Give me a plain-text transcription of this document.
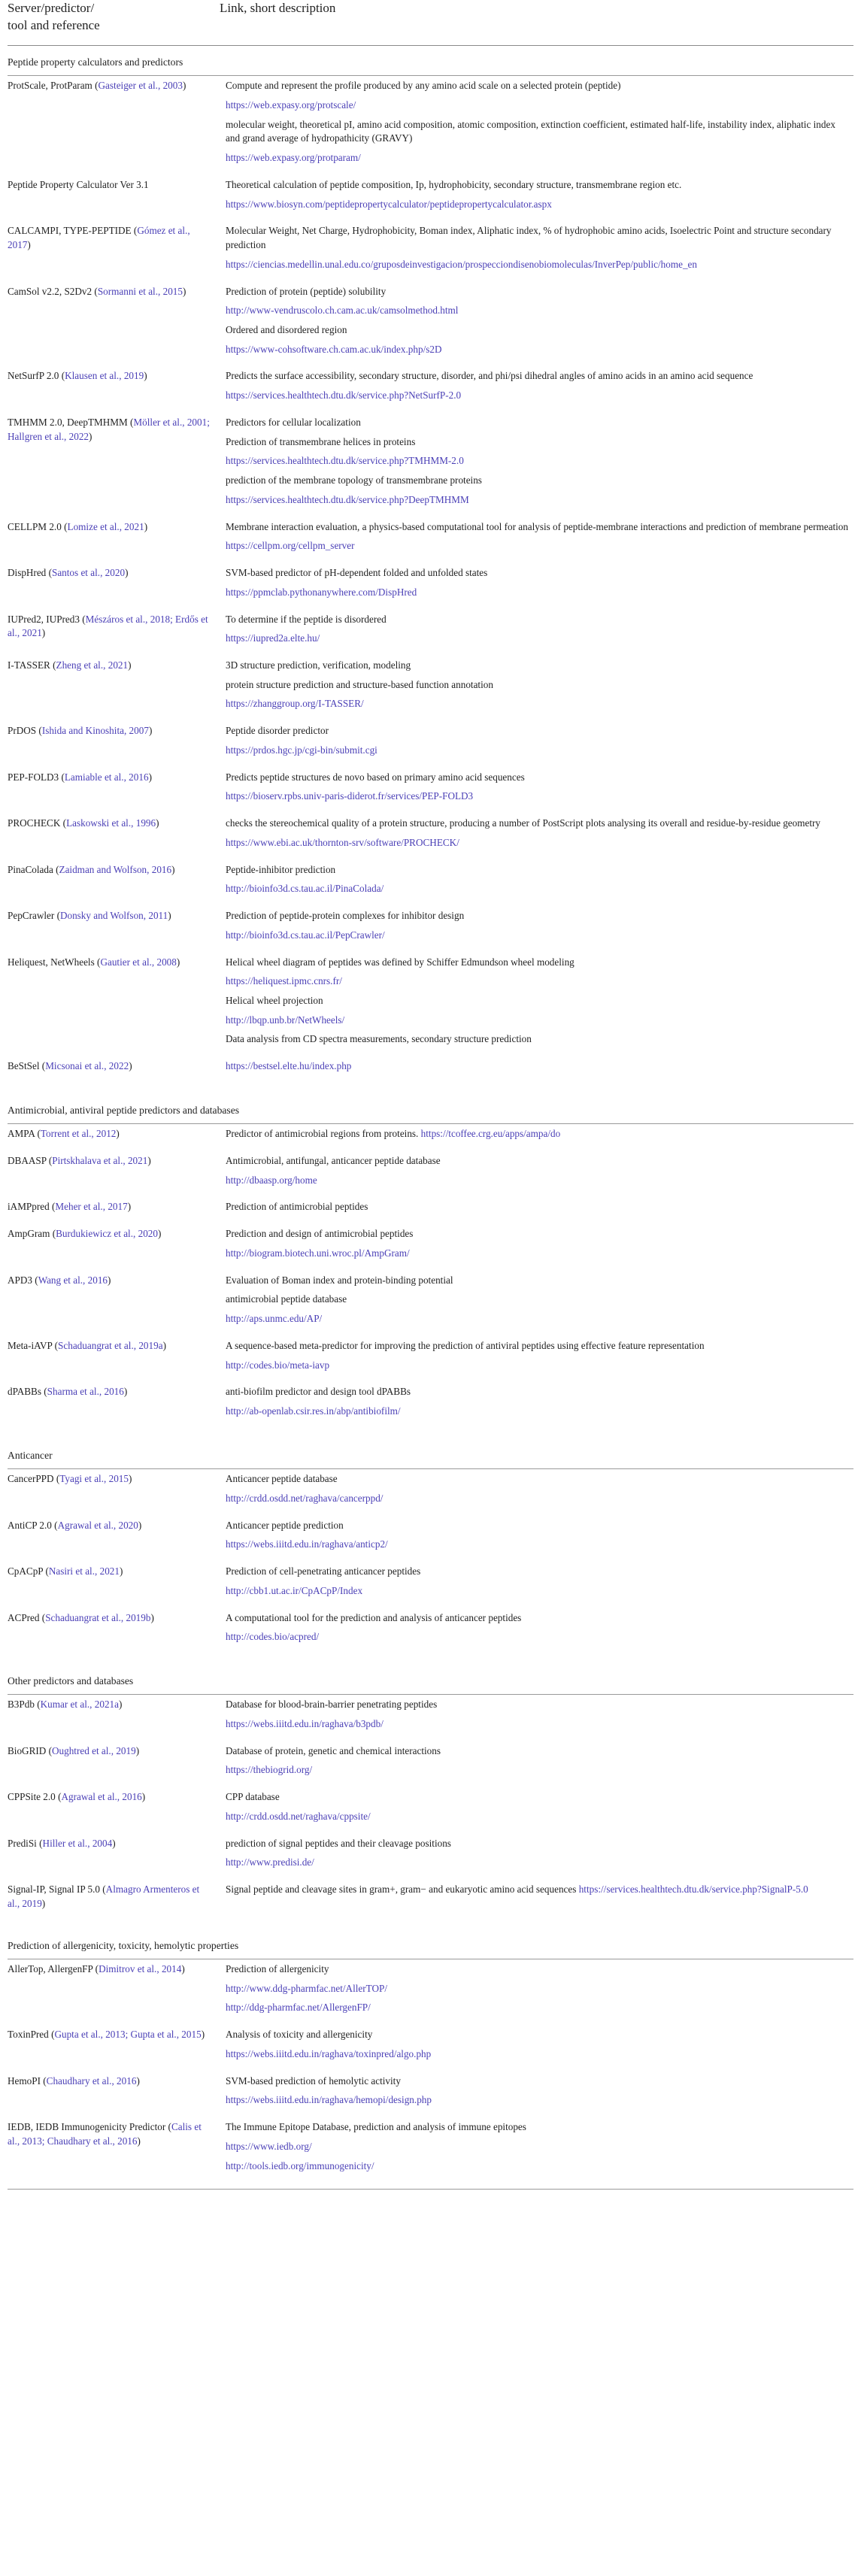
Server/predictor/
tool and reference	Link, short description
Peptide property calculators and predictors	
ProtScale, ProtParam (Gasteiger et al., 2003)	Compute and represent the profile produced by any amino acid scale on a selected protein (peptide)
	https://web.expasy.org/protscale/
	molecular weight, theoretical pI, amino acid composition, atomic composition, extinction coefficient, estimated half-life, instability index, aliphatic index and grand average of hydropathicity (GRAVY)
	https://web.expasy.org/protparam/

Peptide Property Calculator Ver 3.1	Theoretical calculation of peptide composition, Ip, hydrophobicity, secondary structure, transmembrane region etc.
	https://www.biosyn.com/peptidepropertycalculator/peptidepropertycalculator.aspx

CALCAMPI, TYPE-PEPTIDE (Gómez et al., 2017)	Molecular Weight, Net Charge, Hydrophobicity, Boman index, Aliphatic index, % of hydrophobic amino acids, Isoelectric Point and structure secondary prediction
	https://ciencias.medellin.unal.edu.co/gruposdeinvestigacion/prospecciondisenobiomoleculas/InverPep/public/home_en

CamSol v2.2, S2Dv2 (Sormanni et al., 2015)	Prediction of protein (peptide) solubility
	http://www-vendruscolo.ch.cam.ac.uk/camsolmethod.html
	Ordered and disordered region
	https://www-cohsoftware.ch.cam.ac.uk/index.php/s2D

NetSurfP 2.0 (Klausen et al., 2019)	Predicts the surface accessibility, secondary structure, disorder, and phi/psi dihedral angles of amino acids in an amino acid sequence
	https://services.healthtech.dtu.dk/service.php?NetSurfP-2.0

TMHMM 2.0, DeepTMHMM (Möller et al., 2001; Hallgren et al., 2022)	Predictors for cellular localization
	Prediction of transmembrane helices in proteins
	https://services.healthtech.dtu.dk/service.php?TMHMM-2.0
	prediction of the membrane topology of transmembrane proteins
	https://services.healthtech.dtu.dk/service.php?DeepTMHMM

CELLPM 2.0 (Lomize et al., 2021)	Membrane interaction evaluation, a physics-based computational tool for analysis of peptide-membrane interactions and prediction of membrane permeation
	https://cellpm.org/cellpm_server

DispHred (Santos et al., 2020)	SVM-based predictor of pH-dependent folded and unfolded states
	https://ppmclab.pythonanywhere.com/DispHred

IUPred2, IUPred3 (Mészáros et al., 2018; Erdős et al., 2021)	To determine if the peptide is disordered
	https://iupred2a.elte.hu/

I-TASSER (Zheng et al., 2021)	3D structure prediction, verification, modeling
	protein structure prediction and structure-based function annotation
	https://zhanggroup.org/I-TASSER/

PrDOS (Ishida and Kinoshita, 2007)	Peptide disorder predictor
	https://prdos.hgc.jp/cgi-bin/submit.cgi

PEP-FOLD3 (Lamiable et al., 2016)	Predicts peptide structures de novo based on primary amino acid sequences
	https://bioserv.rpbs.univ-paris-diderot.fr/services/PEP-FOLD3

PROCHECK (Laskowski et al., 1996)	checks the stereochemical quality of a protein structure, producing a number of PostScript plots analysing its overall and residue-by-residue geometry
	https://www.ebi.ac.uk/thornton-srv/software/PROCHECK/

PinaColada (Zaidman and Wolfson, 2016)	Peptide-inhibitor prediction
	http://bioinfo3d.cs.tau.ac.il/PinaColada/

PepCrawler (Donsky and Wolfson, 2011)	Prediction of peptide-protein complexes for inhibitor design
	http://bioinfo3d.cs.tau.ac.il/PepCrawler/

Heliquest, NetWheels (Gautier et al., 2008)	Helical wheel diagram of peptides was defined by Schiffer Edmundson wheel modeling
	https://heliquest.ipmc.cnrs.fr/
	Helical wheel projection
	http://lbqp.unb.br/NetWheels/
	Data analysis from CD spectra measurements, secondary structure prediction

BeStSel (Micsonai et al., 2022)	https://bestsel.elte.hu/index.php

Antimicrobial, antiviral peptide predictors and databases	
AMPA (Torrent et al., 2012)	Predictor of antimicrobial regions from proteins. https://tcoffee.crg.eu/apps/ampa/do

DBAASP (Pirtskhalava et al., 2021)	Antimicrobial, antifungal, anticancer peptide database
	http://dbaasp.org/home

iAMPpred (Meher et al., 2017)	Prediction of antimicrobial peptides

AmpGram (Burdukiewicz et al., 2020)	Prediction and design of antimicrobial peptides
	http://biogram.biotech.uni.wroc.pl/AmpGram/

APD3 (Wang et al., 2016)	Evaluation of Boman index and protein-binding potential
	antimicrobial peptide database
	http://aps.unmc.edu/AP/

Meta-iAVP (Schaduangrat et al., 2019a)	A sequence-based meta-predictor for improving the prediction of antiviral peptides using effective feature representation
	http://codes.bio/meta-iavp

dPABBs (Sharma et al., 2016)	anti-biofilm predictor and design tool dPABBs
	http://ab-openlab.csir.res.in/abp/antibiofilm/

Anticancer	
CancerPPD (Tyagi et al., 2015)	Anticancer peptide database
	http://crdd.osdd.net/raghava/cancerppd/

AntiCP 2.0 (Agrawal et al., 2020)	Anticancer peptide prediction
	https://webs.iiitd.edu.in/raghava/anticp2/

CpACpP (Nasiri et al., 2021)	Prediction of cell-penetrating anticancer peptides
	http://cbb1.ut.ac.ir/CpACpP/Index

ACPred (Schaduangrat et al., 2019b)	A computational tool for the prediction and analysis of anticancer peptides
	http://codes.bio/acpred/

Other predictors and databases	
B3Pdb (Kumar et al., 2021a)	Database for blood-brain-barrier penetrating peptides
	https://webs.iiitd.edu.in/raghava/b3pdb/

BioGRID (Oughtred et al., 2019)	Database of protein, genetic and chemical interactions
	https://thebiogrid.org/

CPPSite 2.0 (Agrawal et al., 2016)	CPP database
	http://crdd.osdd.net/raghava/cppsite/

PrediSi (Hiller et al., 2004)	prediction of signal peptides and their cleavage positions
	http://www.predisi.de/

Signal-IP, Signal IP 5.0 (Almagro Armenteros et al., 2019)	Signal peptide and cleavage sites in gram+, gram− and eukaryotic amino acid sequences https://services.healthtech.dtu.dk/service.php?SignalP-5.0

Prediction of allergenicity, toxicity, hemolytic properties	
AllerTop, AllergenFP (Dimitrov et al., 2014)	Prediction of allergenicity
	http://www.ddg-pharmfac.net/AllerTOP/
	http://ddg-pharmfac.net/AllergenFP/

ToxinPred (Gupta et al., 2013; Gupta et al., 2015)	Analysis of toxicity and allergenicity
	https://webs.iiitd.edu.in/raghava/toxinpred/algo.php

HemoPI (Chaudhary et al., 2016)	SVM-based prediction of hemolytic activity
	https://webs.iiitd.edu.in/raghava/hemopi/design.php

IEDB, IEDB Immunogenicity Predictor (Calis et al., 2013; Chaudhary et al., 2016)	The Immune Epitope Database, prediction and analysis of immune epitopes
	https://www.iedb.org/
	http://tools.iedb.org/immunogenicity/
